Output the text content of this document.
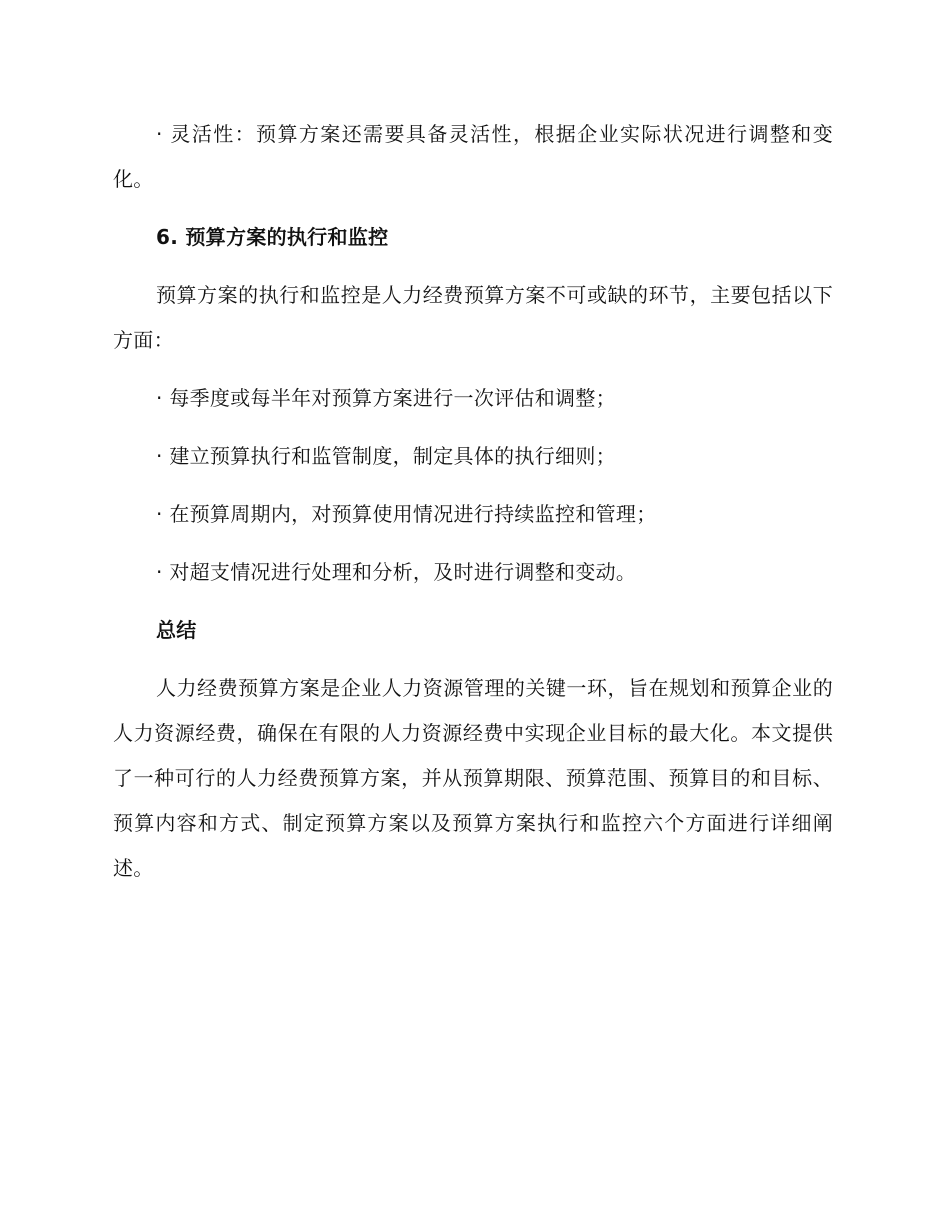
· 灵活性：预算方案还需要具备灵活性，根据企业实际状况进行调整和变化。

6. 预算方案的执行和监控

预算方案的执行和监控是人力经费预算方案不可或缺的环节，主要包括以下方面：

· 每季度或每半年对预算方案进行一次评估和调整；

· 建立预算执行和监管制度，制定具体的执行细则；

· 在预算周期内，对预算使用情况进行持续监控和管理；

· 对超支情况进行处理和分析，及时进行调整和变动。

总结

人力经费预算方案是企业人力资源管理的关键一环，旨在规划和预算企业的人力资源经费，确保在有限的人力资源经费中实现企业目标的最大化。本文提供了一种可行的人力经费预算方案，并从预算期限、预算范围、预算目的和目标、预算内容和方式、制定预算方案以及预算方案执行和监控六个方面进行详细阐述。
